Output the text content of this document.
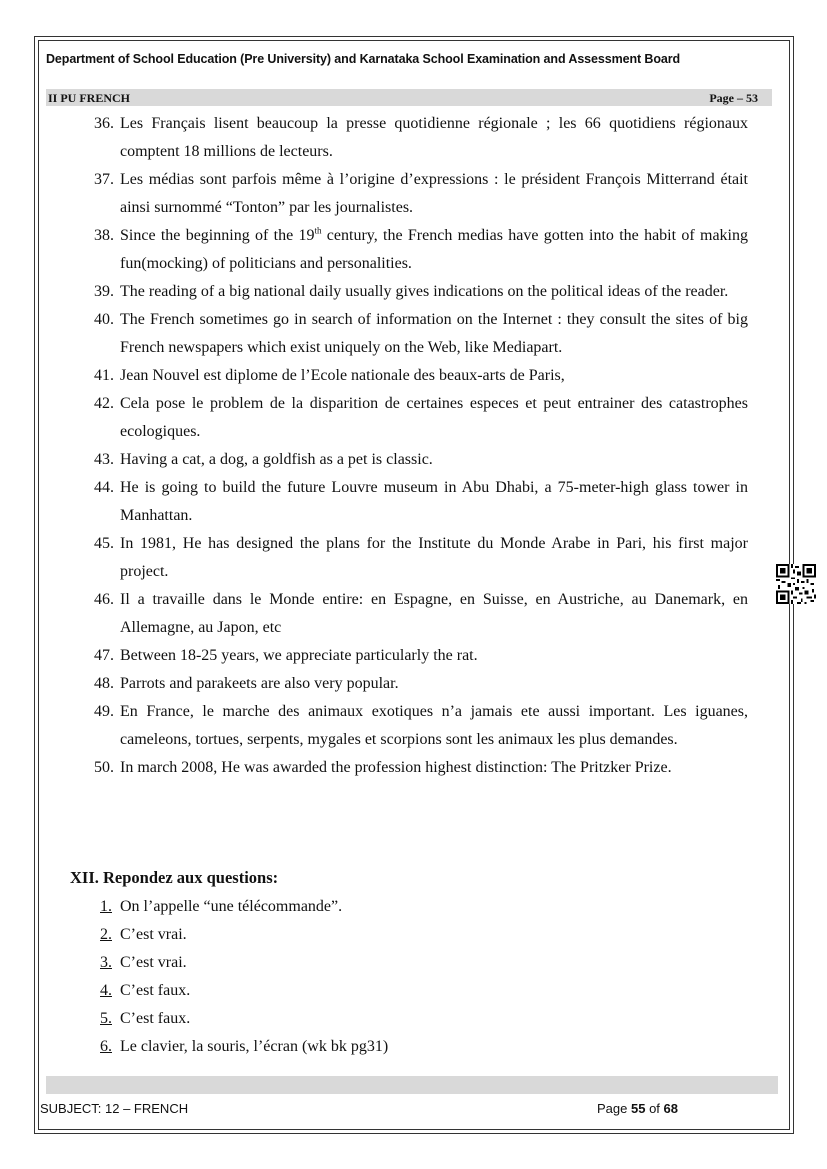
Department of School Education (Pre University) and Karnataka School Examination and Assessment Board
II PU FRENCH	Page – 53
36. Les Français lisent beaucoup la presse quotidienne régionale ; les 66 quotidiens régionaux comptent 18 millions de lecteurs.
37. Les médias sont parfois même à l’origine d’expressions : le président François Mitterrand était ainsi surnommé “Tonton” par les journalistes.
38. Since the beginning of the 19th century, the French medias have gotten into the habit of making fun(mocking) of politicians and personalities.
39. The reading of a big national daily usually gives indications on the political ideas of the reader.
40. The French sometimes go in search of information on the Internet : they consult the sites of big French newspapers which exist uniquely on the Web, like Mediapart.
41. Jean Nouvel est diplome de l’Ecole nationale des beaux-arts de Paris,
42. Cela pose le problem de la disparition de certaines especes et peut entrainer des catastrophes ecologiques.
43. Having a cat, a dog, a goldfish as a pet is classic.
44. He is going to build the future Louvre museum in Abu Dhabi, a 75-meter-high glass tower in Manhattan.
45. In 1981, He has designed the plans for the Institute du Monde Arabe in Pari, his first major project.
46. Il a travaille dans le Monde entire: en Espagne, en Suisse, en Austriche, au Danemark, en Allemagne, au Japon, etc
47. Between 18-25 years, we appreciate particularly the rat.
48. Parrots and parakeets are also very popular.
49. En France, le marche des animaux exotiques n’a jamais ete aussi important. Les iguanes, cameleons, tortues, serpents, mygales et scorpions sont les animaux les plus demandes.
50. In march 2008, He was awarded the profession highest distinction: The Pritzker Prize.
XII. Repondez aux questions:
1. On l’appelle “une télécommande”.
2. C’est vrai.
3. C’est vrai.
4. C’est faux.
5. C’est faux.
6. Le clavier, la souris, l’écran (wk bk pg31)
SUBJECT: 12 – FRENCH	Page 55 of 68
